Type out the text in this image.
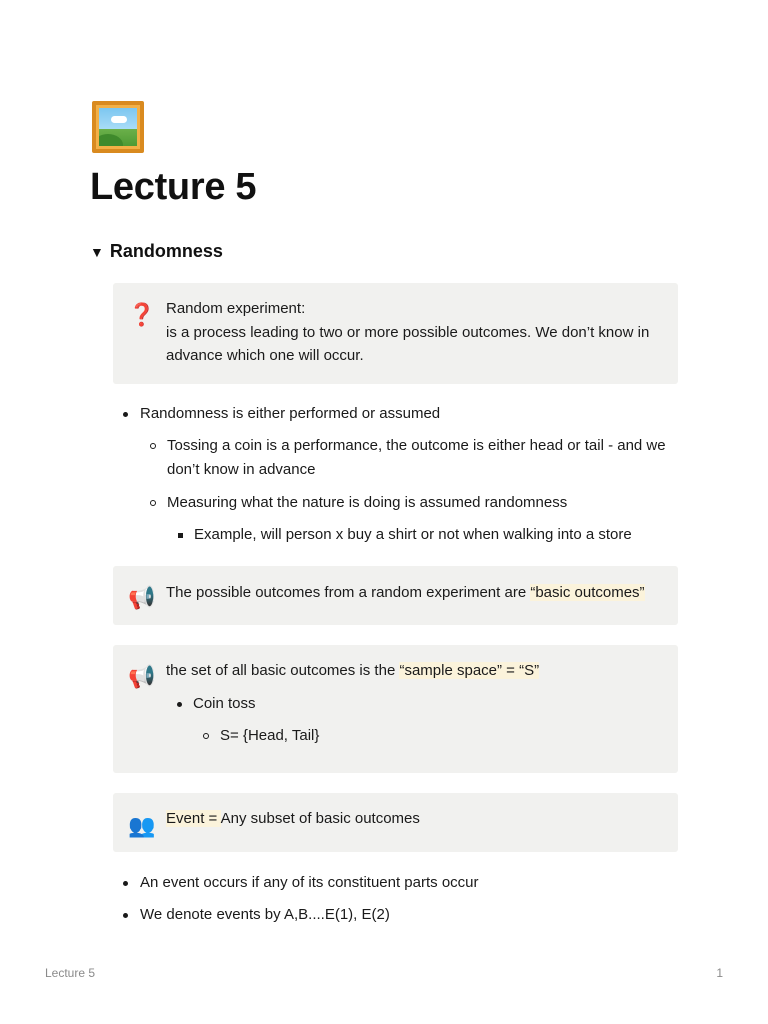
Lecture 5
▼ Randomness
❓ Random experiment:

is a process leading to two or more possible outcomes. We don’t know in advance which one will occur.

Randomness is either performed or assumed
Tossing a coin is a performance, the outcome is either head or tail - and we don’t know in advance
Measuring what the nature is doing is assumed randomness
Example, will person x buy a shirt or not when walking into a store
📢 The possible outcomes from a random experiment are “basic outcomes”
📢 the set of all basic outcomes is the “sample space” = “S”
Coin toss
S= {Head, Tail}
👥 Event = Any subset of basic outcomes
An event occurs if any of its constituent parts occur
We denote events by A,B....E(1), E(2)
Lecture 5	1
